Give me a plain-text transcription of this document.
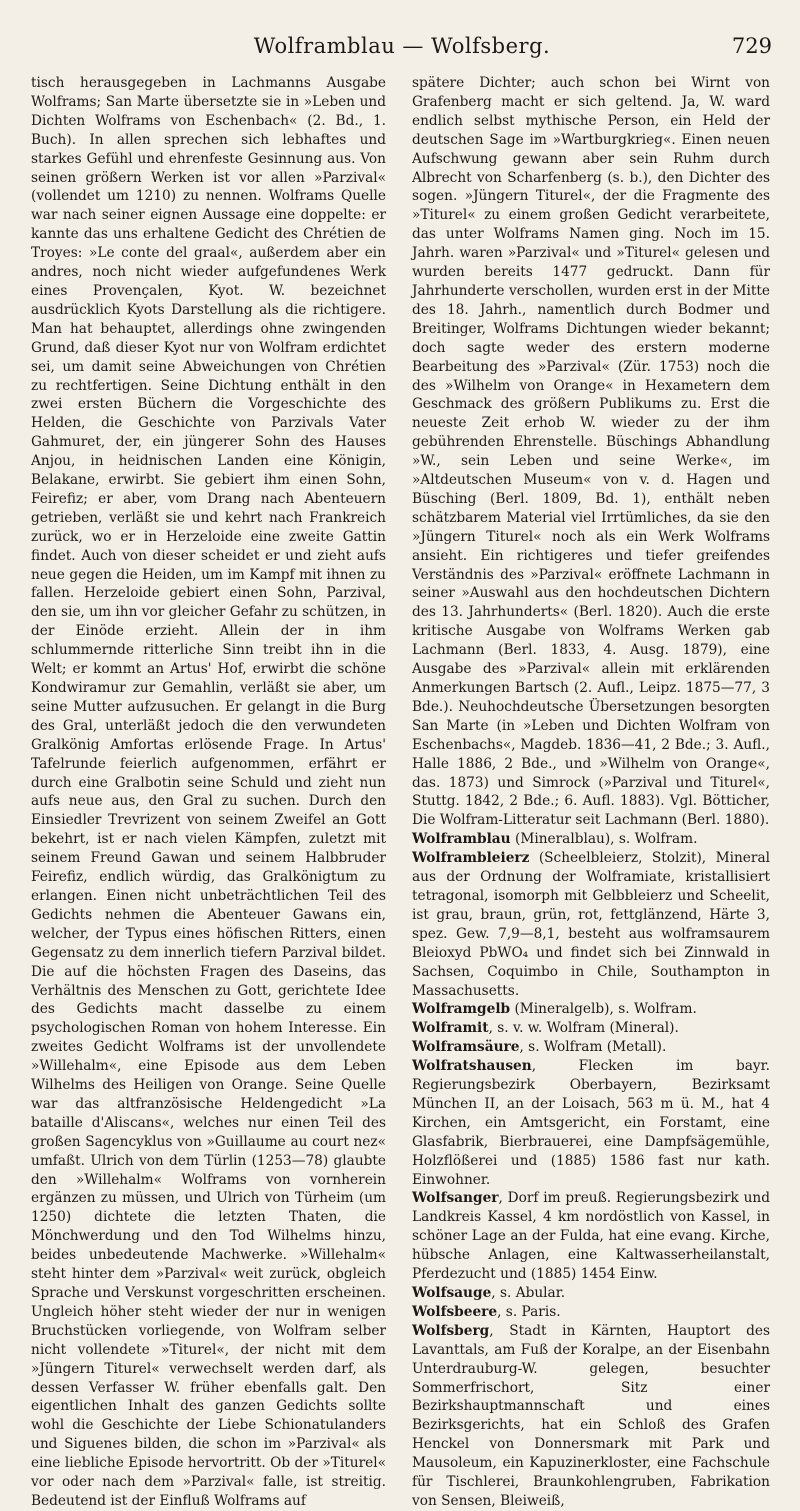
Wolframblau — Wolfsberg.	729

tisch herausgegeben in Lachmanns Ausgabe Wolframs; San Marte übersetzte sie in »Leben und Dichten Wolframs von Eschenbach« (2. Bd., 1. Buch). In allen sprechen sich lebhaftes und starkes Gefühl und ehrenfeste Gesinnung aus. Von seinen größern Werken ist vor allen »Parzival« (vollendet um 1210) zu nennen. Wolframs Quelle war nach seiner eignen Aussage eine doppelte: er kannte das uns erhaltene Gedicht des Chrétien de Troyes: »Le conte del graal«, außerdem aber ein andres, noch nicht wieder aufgefundenes Werk eines Provençalen, Kyot. W. bezeichnet ausdrücklich Kyots Darstellung als die richtigere. Man hat behauptet, allerdings ohne zwingenden Grund, daß dieser Kyot nur von Wolfram erdichtet sei, um damit seine Abweichungen von Chrétien zu rechtfertigen. Seine Dichtung enthält in den zwei ersten Büchern die Vorgeschichte des Helden, die Geschichte von Parzivals Vater Gahmuret, der, ein jüngerer Sohn des Hauses Anjou, in heidnischen Landen eine Königin, Belakane, erwirbt. Sie gebiert ihm einen Sohn, Feirefiz; er aber, vom Drang nach Abenteuern getrieben, verläßt sie und kehrt nach Frankreich zurück, wo er in Herzeloide eine zweite Gattin findet. Auch von dieser scheidet er und zieht aufs neue gegen die Heiden, um im Kampf mit ihnen zu fallen. Herzeloide gebiert einen Sohn, Parzival, den sie, um ihn vor gleicher Gefahr zu schützen, in der Einöde erzieht. Allein der in ihm schlummernde ritterliche Sinn treibt ihn in die Welt; er kommt an Artus' Hof, erwirbt die schöne Kondwiramur zur Gemahlin, verläßt sie aber, um seine Mutter aufzusuchen. Er gelangt in die Burg des Gral, unterläßt jedoch die den verwundeten Gralkönig Amfortas erlösende Frage. In Artus' Tafelrunde feierlich aufgenommen, erfährt er durch eine Gralbotin seine Schuld und zieht nun aufs neue aus, den Gral zu suchen. Durch den Einsiedler Trevrizent von seinem Zweifel an Gott bekehrt, ist er nach vielen Kämpfen, zuletzt mit seinem Freund Gawan und seinem Halbbruder Feirefiz, endlich würdig, das Gralkönigtum zu erlangen. Einen nicht unbeträchtlichen Teil des Gedichts nehmen die Abenteuer Gawans ein, welcher, der Typus eines höfischen Ritters, einen Gegensatz zu dem innerlich tiefern Parzival bildet. Die auf die höchsten Fragen des Daseins, das Verhältnis des Menschen zu Gott, gerichtete Idee des Gedichts macht dasselbe zu einem psychologischen Roman von hohem Interesse. Ein zweites Gedicht Wolframs ist der unvollendete »Willehalm«, eine Episode aus dem Leben Wilhelms des Heiligen von Orange. Seine Quelle war das altfranzösische Heldengedicht »La bataille d'Aliscans«, welches nur einen Teil des großen Sagencyklus von »Guillaume au court nez« umfaßt. Ulrich von dem Türlin (1253—78) glaubte den »Willehalm« Wolframs von vornherein ergänzen zu müssen, und Ulrich von Türheim (um 1250) dichtete die letzten Thaten, die Mönchwerdung und den Tod Wilhelms hinzu, beides unbedeutende Machwerke. »Willehalm« steht hinter dem »Parzival« weit zurück, obgleich Sprache und Verskunst vorgeschritten erscheinen. Ungleich höher steht wieder der nur in wenigen Bruchstücken vorliegende, von Wolfram selber nicht vollendete »Titurel«, der nicht mit dem »Jüngern Titurel« verwechselt werden darf, als dessen Verfasser W. früher ebenfalls galt. Den eigentlichen Inhalt des ganzen Gedichts sollte wohl die Geschichte der Liebe Schionatulanders und Siguenes bilden, die schon im »Parzival« als eine liebliche Episode hervortritt. Ob der »Titurel« vor oder nach dem »Parzival« falle, ist streitig. Bedeutend ist der Einfluß Wolframs auf

spätere Dichter; auch schon bei Wirnt von Grafenberg macht er sich geltend. Ja, W. ward endlich selbst mythische Person, ein Held der deutschen Sage im »Wartburgkrieg«. Einen neuen Aufschwung gewann aber sein Ruhm durch Albrecht von Scharfenberg (s. b.), den Dichter des sogen. »Jüngern Titurel«, der die Fragmente des »Titurel« zu einem großen Gedicht verarbeitete, das unter Wolframs Namen ging. Noch im 15. Jahrh. waren »Parzival« und »Titurel« gelesen und wurden bereits 1477 gedruckt. Dann für Jahrhunderte verschollen, wurden erst in der Mitte des 18. Jahrh., namentlich durch Bodmer und Breitinger, Wolframs Dichtungen wieder bekannt; doch sagte weder des erstern moderne Bearbeitung des »Parzival« (Zür. 1753) noch die des »Wilhelm von Orange« in Hexametern dem Geschmack des größern Publikums zu. Erst die neueste Zeit erhob W. wieder zu der ihm gebührenden Ehrenstelle. Büschings Abhandlung »W., sein Leben und seine Werke«, im »Altdeutschen Museum« von v. d. Hagen und Büsching (Berl. 1809, Bd. 1), enthält neben schätzbarem Material viel Irrtümliches, da sie den »Jüngern Titurel« noch als ein Werk Wolframs ansieht. Ein richtigeres und tiefer greifendes Verständnis des »Parzival« eröffnete Lachmann in seiner »Auswahl aus den hochdeutschen Dichtern des 13. Jahrhunderts« (Berl. 1820). Auch die erste kritische Ausgabe von Wolframs Werken gab Lachmann (Berl. 1833, 4. Ausg. 1879), eine Ausgabe des »Parzival« allein mit erklärenden Anmerkungen Bartsch (2. Aufl., Leipz. 1875—77, 3 Bde.). Neuhochdeutsche Übersetzungen besorgten San Marte (in »Leben und Dichten Wolfram von Eschenbachs«, Magdeb. 1836—41, 2 Bde.; 3. Aufl., Halle 1886, 2 Bde., und »Wilhelm von Orange«, das. 1873) und Simrock (»Parzival und Titurel«, Stuttg. 1842, 2 Bde.; 6. Aufl. 1883). Vgl. Bötticher, Die Wolfram-Litteratur seit Lachmann (Berl. 1880).

Wolframblau (Mineralblau), s. Wolfram.

Wolframbleierz (Scheelbleierz, Stolzit), Mineral aus der Ordnung der Wolframiate, kristallisiert tetragonal, isomorph mit Gelbbleierz und Scheelit, ist grau, braun, grün, rot, fettglänzend, Härte 3, spez. Gew. 7,9—8,1, besteht aus wolframsaurem Bleioxyd PbWO₄ und findet sich bei Zinnwald in Sachsen, Coquimbo in Chile, Southampton in Massachusetts.

Wolframgelb (Mineralgelb), s. Wolfram.

Wolframit, s. v. w. Wolfram (Mineral).

Wolframsäure, s. Wolfram (Metall).

Wolfratshausen, Flecken im bayr. Regierungsbezirk Oberbayern, Bezirksamt München II, an der Loisach, 563 m ü. M., hat 4 Kirchen, ein Amtsgericht, ein Forstamt, eine Glasfabrik, Bierbrauerei, eine Dampfsägemühle, Holzflößerei und (1885) 1586 fast nur kath. Einwohner.

Wolfsanger, Dorf im preuß. Regierungsbezirk und Landkreis Kassel, 4 km nordöstlich von Kassel, in schöner Lage an der Fulda, hat eine evang. Kirche, hübsche Anlagen, eine Kaltwasserheilanstalt, Pferdezucht und (1885) 1454 Einw.

Wolfsauge, s. Abular.

Wolfsbeere, s. Paris.

Wolfsberg, Stadt in Kärnten, Hauptort des Lavanttals, am Fuß der Koralpe, an der Eisenbahn Unterdrauburg-W. gelegen, besuchter Sommerfrischort, Sitz einer Bezirkshauptmannschaft und eines Bezirksgerichts, hat ein Schloß des Grafen Henckel von Donnersmark mit Park und Mausoleum, ein Kapuzinerkloster, eine Fachschule für Tischlerei, Braunkohlengruben, Fabrikation von Sensen, Bleiweiß,
